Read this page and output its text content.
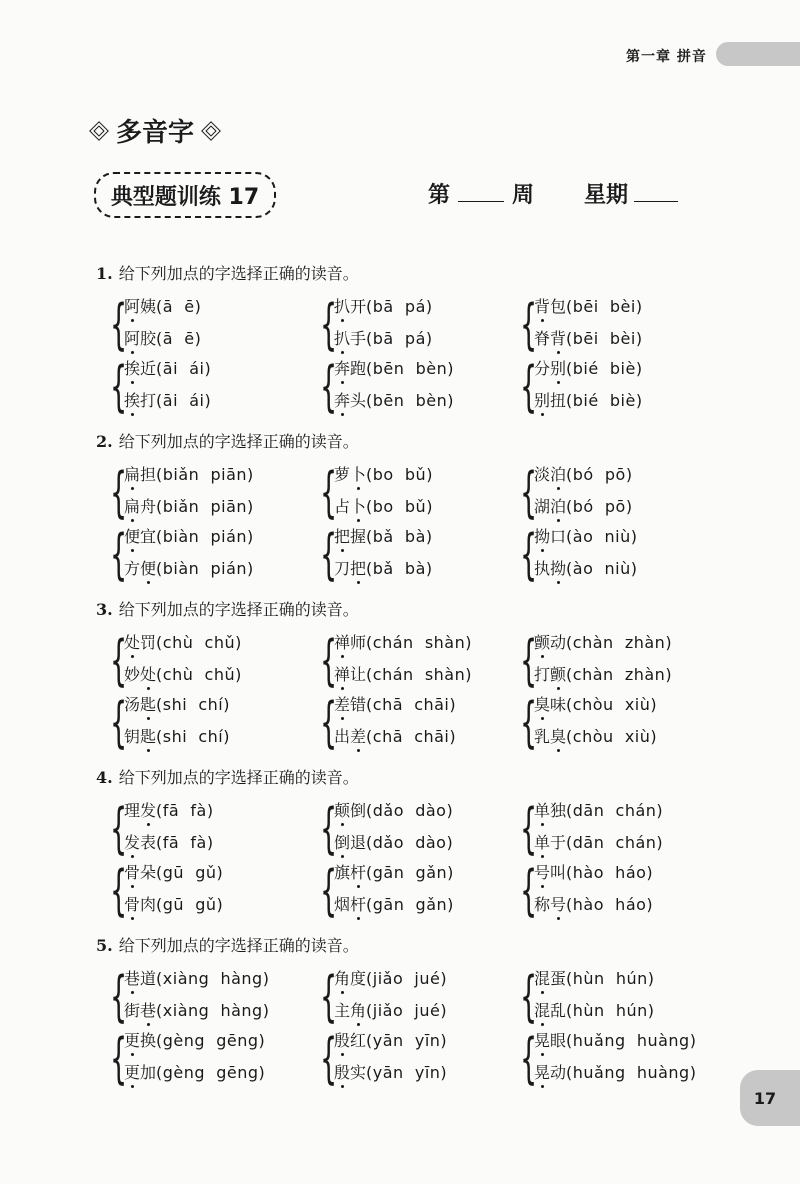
第一章 拼音
多音字
典型题训练 17	第	周 星期
1. 给下列加点的字选择正确的读音。
{
阿姨(ā  ē)
阿胶(ā  ē) {
扒开(bā  pá)
扒手(bā  pá) {
背包(bēi  bèi)
脊背(bēi  bèi)
{
挨近(āi  ái)
挨打(āi  ái) {
奔跑(bēn  bèn)
奔头(bēn  bèn) {
分别(bié  biè)
别扭(bié  biè)
2. 给下列加点的字选择正确的读音。
{
扁担(biǎn  piān)
扁舟(biǎn  piān) {
萝卜(bo  bǔ)
占卜(bo  bǔ) {
淡泊(bó  pō)
湖泊(bó  pō)
{
便宜(biàn  pián)
方便(biàn  pián) {
把握(bǎ  bà)
刀把(bǎ  bà) {
拗口(ào  niù)
执拗(ào  niù)
3. 给下列加点的字选择正确的读音。
{
处罚(chù  chǔ)
妙处(chù  chǔ) {
禅师(chán  shàn)
禅让(chán  shàn) {
颤动(chàn  zhàn)
打颤(chàn  zhàn)
{
汤匙(shi  chí)
钥匙(shi  chí) {
差错(chā  chāi)
出差(chā  chāi) {
臭味(chòu  xiù)
乳臭(chòu  xiù)
4. 给下列加点的字选择正确的读音。
{
理发(fā  fà)
发表(fā  fà) {
颠倒(dǎo  dào)
倒退(dǎo  dào) {
单独(dān  chán)
单于(dān  chán)
{
骨朵(gū  gǔ)
骨肉(gū  gǔ) {
旗杆(gān  gǎn)
烟杆(gān  gǎn) {
号叫(hào  háo)
称号(hào  háo)
5. 给下列加点的字选择正确的读音。
{
巷道(xiàng  hàng)
街巷(xiàng  hàng) {
角度(jiǎo  jué)
主角(jiǎo  jué) {
混蛋(hùn  hún)
混乱(hùn  hún)
{
更换(gèng  gēng)
更加(gèng  gēng) {
殷红(yān  yīn)
殷实(yān  yīn) {
晃眼(huǎng  huàng)
晃动(huǎng  huàng)
17
